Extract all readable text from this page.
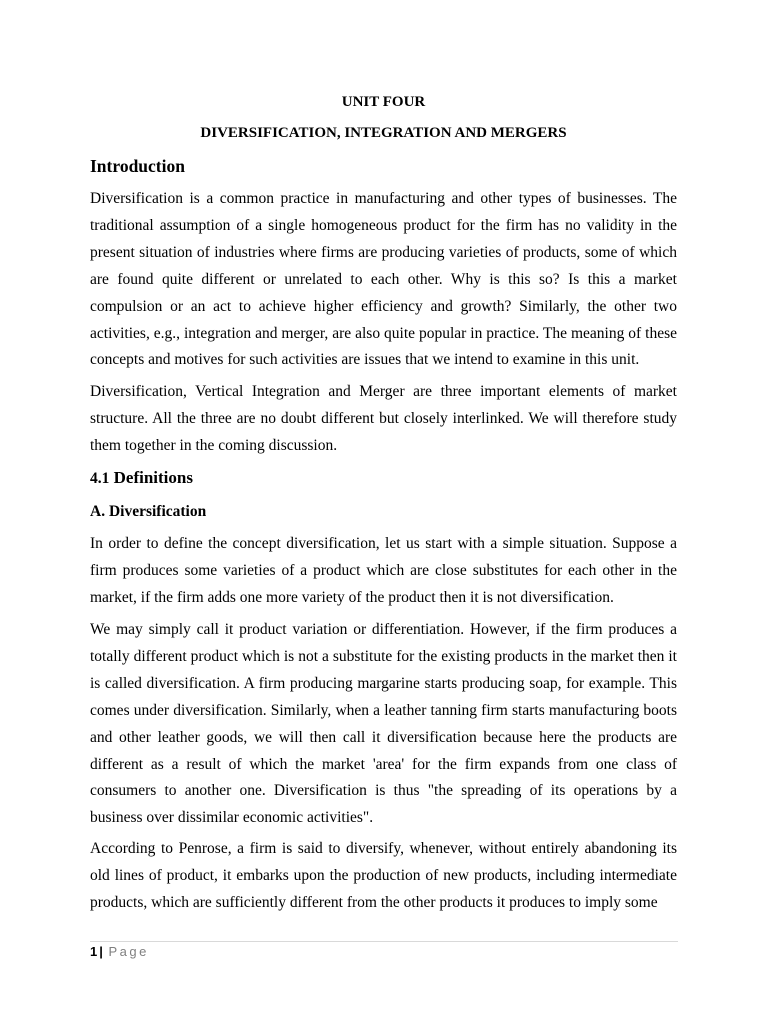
UNIT FOUR
DIVERSIFICATION, INTEGRATION AND MERGERS
Introduction

Diversification is a common practice in manufacturing and other types of businesses. The traditional assumption of a single homogeneous product for the firm has no validity in the present situation of industries where firms are producing varieties of products, some of which are found quite different or unrelated to each other. Why is this so? Is this a market compulsion or an act to achieve higher efficiency and growth? Similarly, the other two activities, e.g., integration and merger, are also quite popular in practice. The meaning of these concepts and motives for such activities are issues that we intend to examine in this unit.

Diversification, Vertical Integration and Merger are three important elements of market structure. All the three are no doubt different but closely interlinked. We will therefore study them together in the coming discussion.

4.1 Definitions
A. Diversification

In order to define the concept diversification, let us start with a simple situation. Suppose a firm produces some varieties of a product which are close substitutes for each other in the market, if the firm adds one more variety of the product then it is not diversification.

We may simply call it product variation or differentiation. However, if the firm produces a totally different product which is not a substitute for the existing products in the market then it is called diversification. A firm producing margarine starts producing soap, for example. This comes under diversification. Similarly, when a leather tanning firm starts manufacturing boots and other leather goods, we will then call it diversification because here the products are different as a result of which the market 'area' for the firm expands from one class of consumers to another one. Diversification is thus "the spreading of its operations by a business over dissimilar economic activities".

According to Penrose, a firm is said to diversify, whenever, without entirely abandoning its old lines of product, it embarks upon the production of new products, including intermediate products, which are sufficiently different from the other products it produces to imply some

1 | Page
